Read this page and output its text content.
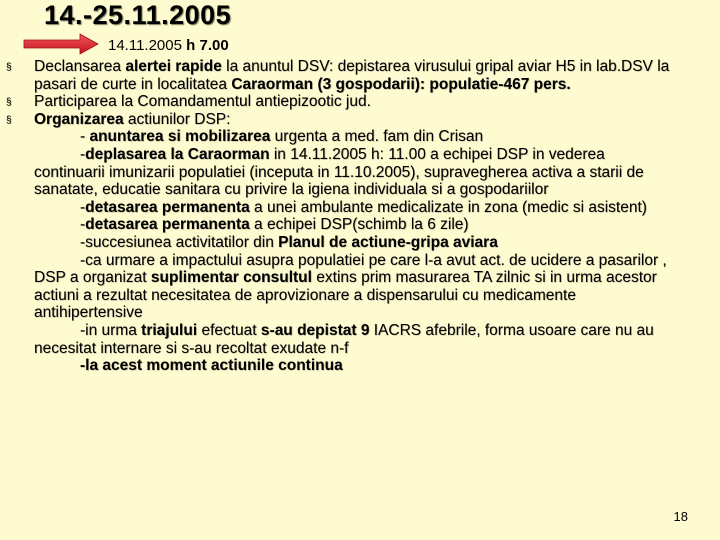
14.-25.11.2005
14.11.2005 h 7.00
§ Declansarea alertei rapide la anuntul DSV: depistarea virusului gripal aviar H5 in lab.DSV la pasari de curte in localitatea Caraorman (3 gospodarii): populatie-467 pers.
§ Participarea la Comandamentul antiepizootic jud.
§ Organizarea actiunilor DSP:
- anuntarea si mobilizarea urgenta a med. fam din Crisan
-deplasarea la Caraorman in 14.11.2005 h: 11.00 a echipei DSP in vederea continuarii imunizarii populatiei (inceputa in 11.10.2005), supravegherea activa a starii de sanatate, educatie sanitara cu privire la igiena individuala si a gospodariilor
-detasarea permanenta a unei ambulante medicalizate in zona (medic si asistent)
-detasarea permanenta a echipei DSP(schimb la 6 zile)
-succesiunea activitatilor din Planul de actiune-gripa aviara
-ca urmare a impactului asupra populatiei pe care l-a avut act. de ucidere a pasarilor , DSP a organizat suplimentar consultul extins prim masurarea TA zilnic si in urma acestor actiuni a rezultat necesitatea de aprovizionare a dispensarului cu medicamente antihipertensive
-in urma triajului efectuat s-au depistat 9 IACRS afebrile, forma usoare care nu au necesitat internare si s-au recoltat exudate n-f
-la acest moment actiunile continua
18
